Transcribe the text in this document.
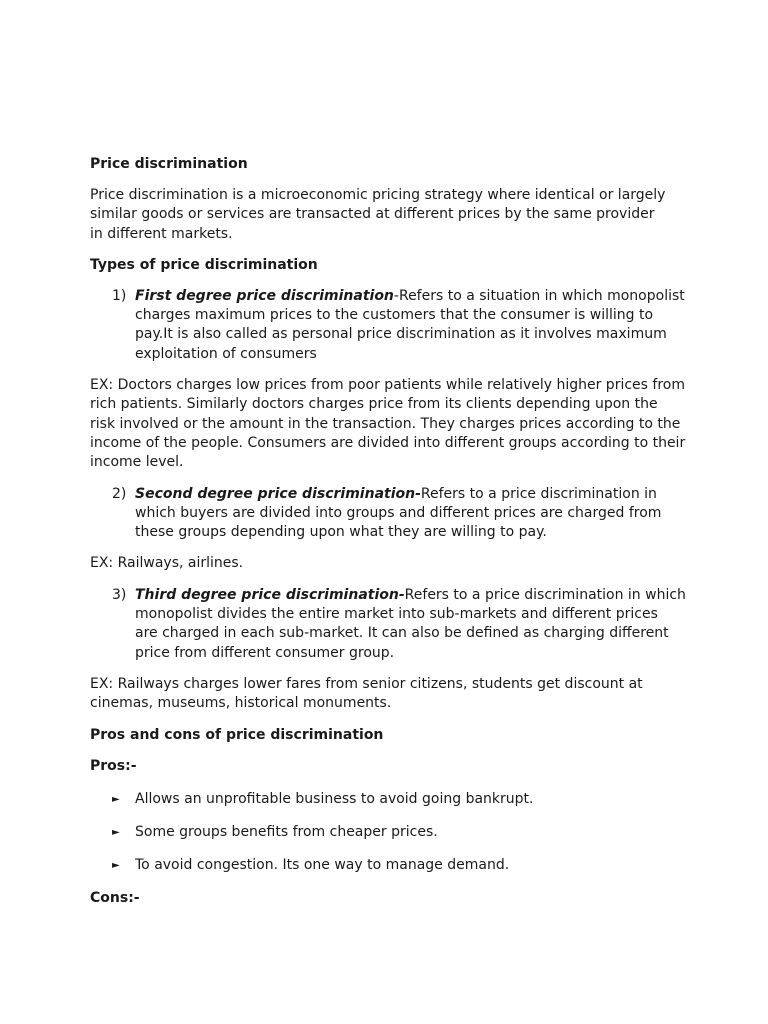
Price discrimination
Price discrimination is a microeconomic pricing strategy where identical or largely
similar goods or services are transacted at different prices by the same provider
in different markets.
Types of price discrimination
1) First degree price discrimination-Refers to a situation in which monopolist
charges maximum prices to the customers that the consumer is willing to
pay.It is also called as personal price discrimination as it involves maximum
exploitation of consumers
EX: Doctors charges low prices from poor patients while relatively higher prices from
rich patients. Similarly doctors charges price from its clients depending upon the
risk involved or the amount in the transaction. They charges prices according to the
income of the people. Consumers are divided into different groups according to their
income level.
2) Second degree price discrimination-Refers to a price discrimination in
which buyers are divided into groups and different prices are charged from
these groups depending upon what they are willing to pay.
EX: Railways, airlines.
3) Third degree price discrimination-Refers to a price discrimination in which
monopolist divides the entire market into sub-markets and different prices
are charged in each sub-market. It can also be defined as charging different
price from different consumer group.
EX: Railways charges lower fares from senior citizens, students get discount at
cinemas, museums, historical monuments.
Pros and cons of price discrimination
Pros:-
► Allows an unprofitable business to avoid going bankrupt.
► Some groups benefits from cheaper prices.
► To avoid congestion. Its one way to manage demand.
Cons:-
